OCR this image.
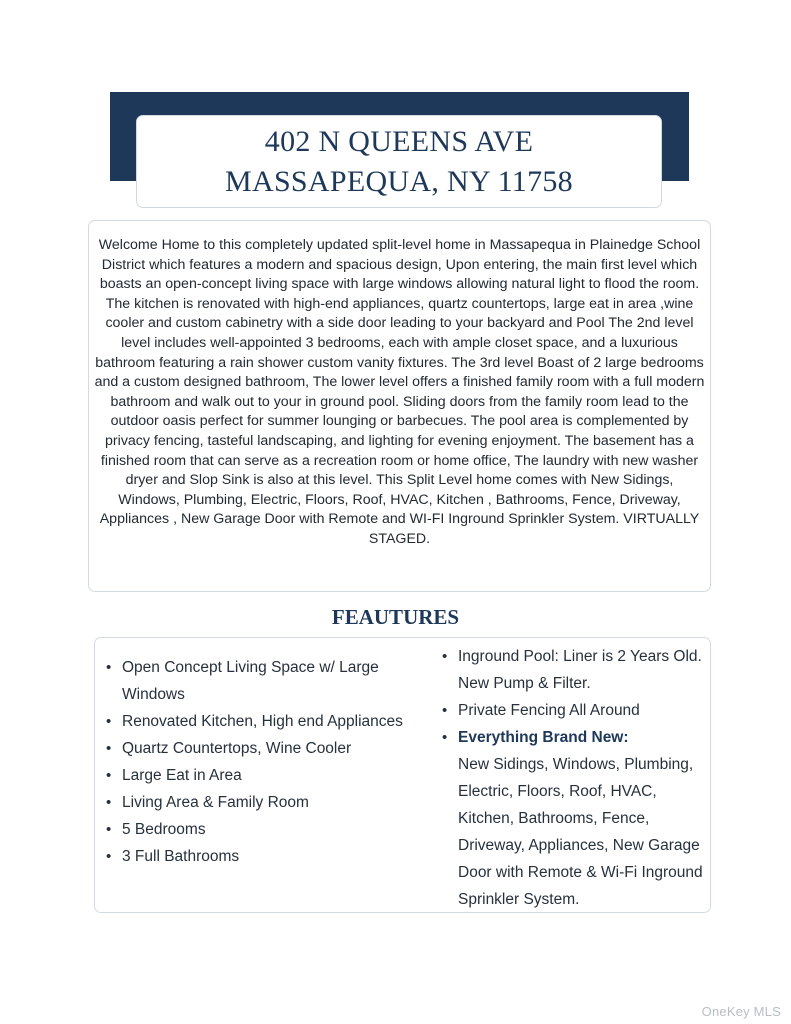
402 N QUEENS AVE
MASSAPEQUA, NY 11758

Welcome Home to this completely updated split-level home in Massapequa in Plainedge School District which features a modern and spacious design, Upon entering, the main first level which boasts an open-concept living space with large windows allowing natural light to flood the room. The kitchen is renovated with high-end appliances, quartz countertops, large eat in area ,wine cooler and custom cabinetry with a side door leading to your backyard and Pool The 2nd level level includes well-appointed 3 bedrooms, each with ample closet space, and a luxurious bathroom featuring a rain shower custom vanity fixtures. The 3rd level Boast of 2 large bedrooms and a custom designed bathroom, The lower level offers a finished family room with a full modern bathroom and walk out to your in ground pool. Sliding doors from the family room lead to the outdoor oasis perfect for summer lounging or barbecues. The pool area is complemented by privacy fencing, tasteful landscaping, and lighting for evening enjoyment. The basement has a finished room that can serve as a recreation room or home office, The laundry with new washer dryer and Slop Sink is also at this level. This Split Level home comes with New Sidings, Windows, Plumbing, Electric, Floors, Roof, HVAC, Kitchen , Bathrooms, Fence, Driveway, Appliances , New Garage Door with Remote and WI-FI Inground Sprinkler System. VIRTUALLY STAGED.

FEAUTURES
• Open Concept Living Space w/ Large Windows
• Renovated Kitchen, High end Appliances
• Quartz Countertops, Wine Cooler
• Large Eat in Area
• Living Area & Family Room
• 5 Bedrooms
• 3 Full Bathrooms
• Inground Pool: Liner is 2 Years Old. New Pump & Filter.
• Private Fencing All Around
• Everything Brand New:
New Sidings, Windows, Plumbing, Electric, Floors, Roof, HVAC, Kitchen, Bathrooms, Fence, Driveway, Appliances, New Garage Door with Remote & Wi-Fi Inground Sprinkler System.
OneKey MLS
